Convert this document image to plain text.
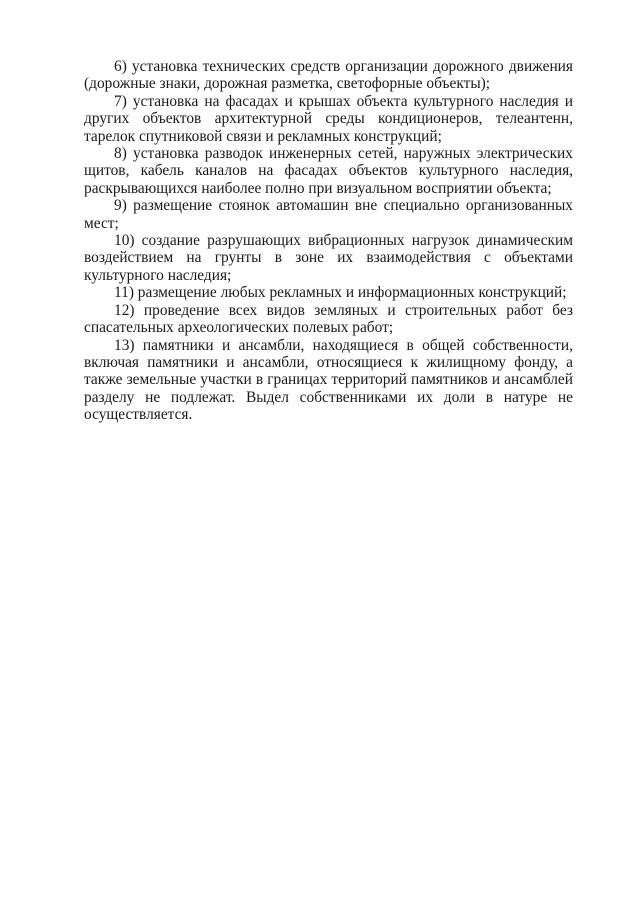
6) установка технических средств организации дорожного движения (дорожные знаки, дорожная разметка, светофорные объекты);

7) установка на фасадах и крышах объекта культурного наследия и других объектов архитектурной среды кондиционеров, телеантенн, тарелок спутниковой связи и рекламных конструкций;

8) установка разводок инженерных сетей, наружных электрических щитов, кабель каналов на фасадах объектов культурного наследия, раскрывающихся наиболее полно при визуальном восприятии объекта;

9) размещение стоянок автомашин вне специально организованных мест;

10) создание разрушающих вибрационных нагрузок динамическим воздействием на грунты в зоне их взаимодействия с объектами культурного наследия;

11) размещение любых рекламных и информационных конструкций;

12) проведение всех видов земляных и строительных работ без спасательных археологических полевых работ;

13) памятники и ансамбли, находящиеся в общей собственности, включая памятники и ансамбли, относящиеся к жилищному фонду, а также земельные участки в границах территорий памятников и ансамблей разделу не подлежат. Выдел собственниками их доли в натуре не осуществляется.
